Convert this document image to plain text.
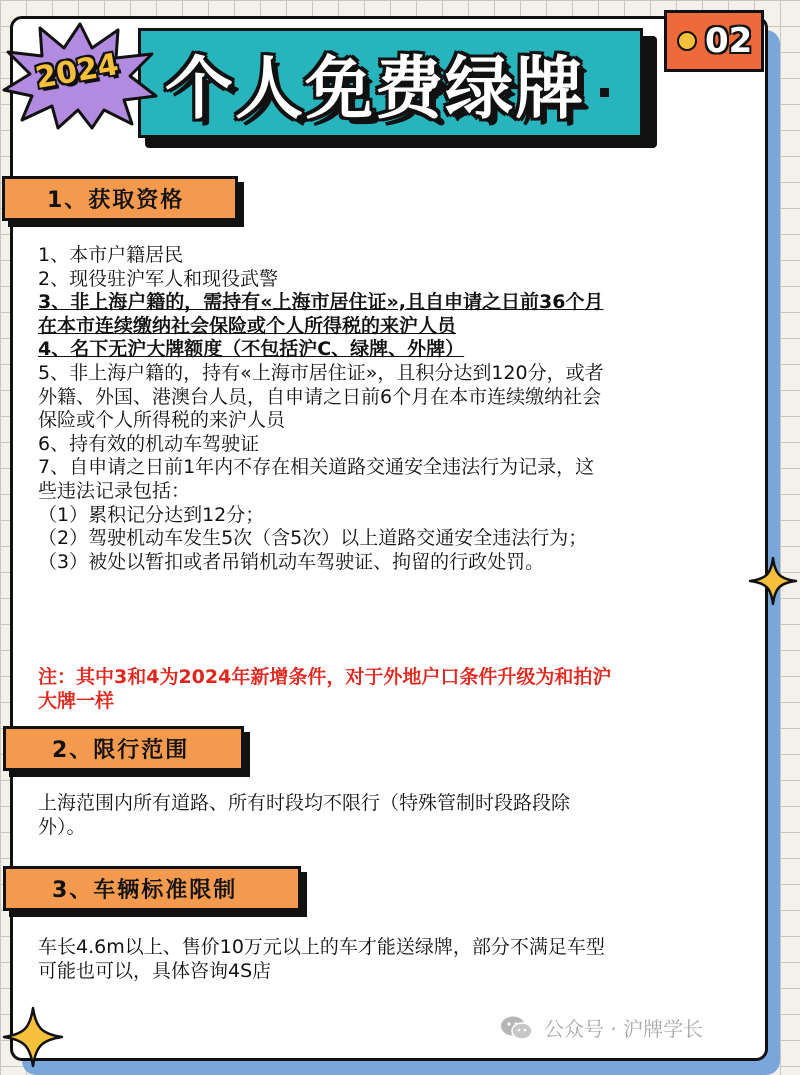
个人免费绿牌
2024
02
1、获取资格
1、本市户籍居民
2、现役驻沪军人和现役武警
3、非上海户籍的，需持有«上海市居住证»,且自申请之日前36个月
在本市连续缴纳社会保险或个人所得税的来沪人员
4、名下无沪大牌额度（不包括沪C、绿牌、外牌）
5、非上海户籍的，持有«上海市居住证»，且积分达到120分，或者
外籍、外国、港澳台人员，自申请之日前6个月在本市连续缴纳社会
保险或个人所得税的来沪人员
6、持有效的机动车驾驶证
7、自申请之日前1年内不存在相关道路交通安全违法行为记录，这
些违法记录包括：
（1）累积记分达到12分；
（2）驾驶机动车发生5次（含5次）以上道路交通安全违法行为；
（3）被处以暂扣或者吊销机动车驾驶证、拘留的行政处罚。
注：其中3和4为2024年新增条件，对于外地户口条件升级为和拍沪
大牌一样
2、限行范围
上海范围内所有道路、所有时段均不限行（特殊管制时段路段除
外）。
3、车辆标准限制
车长4.6m以上、售价10万元以上的车才能送绿牌，部分不满足车型
可能也可以，具体咨询4S店
公众号 · 沪牌学长
